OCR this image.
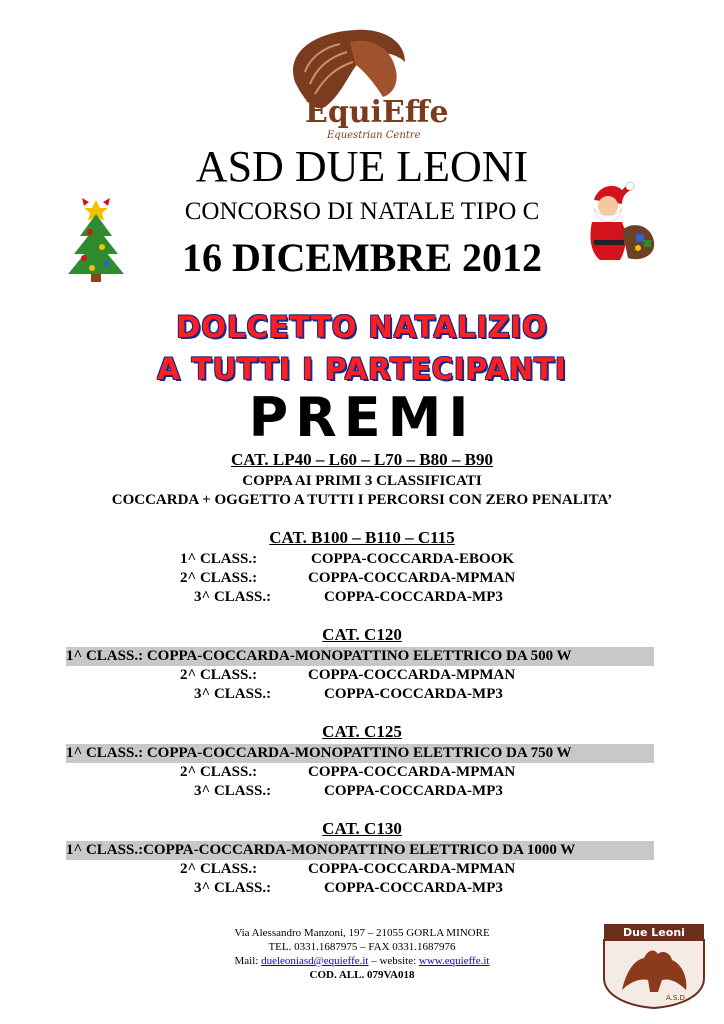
EquiEffe
Equestrian Centre
ASD DUE LEONI
CONCORSO DI NATALE TIPO C
16 DICEMBRE 2012
DOLCETTO NATALIZIO
A TUTTI I PARTECIPANTI
PREMI
CAT. LP40 – L60 – L70 – B80 – B90
COPPA AI PRIMI 3 CLASSIFICATI
COCCARDA + OGGETTO A TUTTI I PERCORSI CON ZERO PENALITA’
CAT. B100 – B110 – C115
1^ CLASS.:	COPPA-COCCARDA-EBOOK
2^ CLASS.:	COPPA-COCCARDA-MPMAN
3^ CLASS.:	COPPA-COCCARDA-MP3
CAT. C120
1^ CLASS.: COPPA-COCCARDA-MONOPATTINO ELETTRICO DA 500 W
2^ CLASS.:	COPPA-COCCARDA-MPMAN
3^ CLASS.:	COPPA-COCCARDA-MP3
CAT. C125
1^ CLASS.: COPPA-COCCARDA-MONOPATTINO ELETTRICO DA 750 W
2^ CLASS.:	COPPA-COCCARDA-MPMAN
3^ CLASS.:	COPPA-COCCARDA-MP3
CAT. C130
1^ CLASS.:COPPA-COCCARDA-MONOPATTINO ELETTRICO DA 1000 W
2^ CLASS.:	COPPA-COCCARDA-MPMAN
3^ CLASS.:	COPPA-COCCARDA-MP3
Via Alessandro Manzoni, 197 – 21055 GORLA MINORE
TEL. 0331.1687975 – FAX 0331.1687976
Mail: dueleoniasd@equieffe.it – website: www.equieffe.it
COD. ALL. 079VA018
Due Leoni
A.S.D.
